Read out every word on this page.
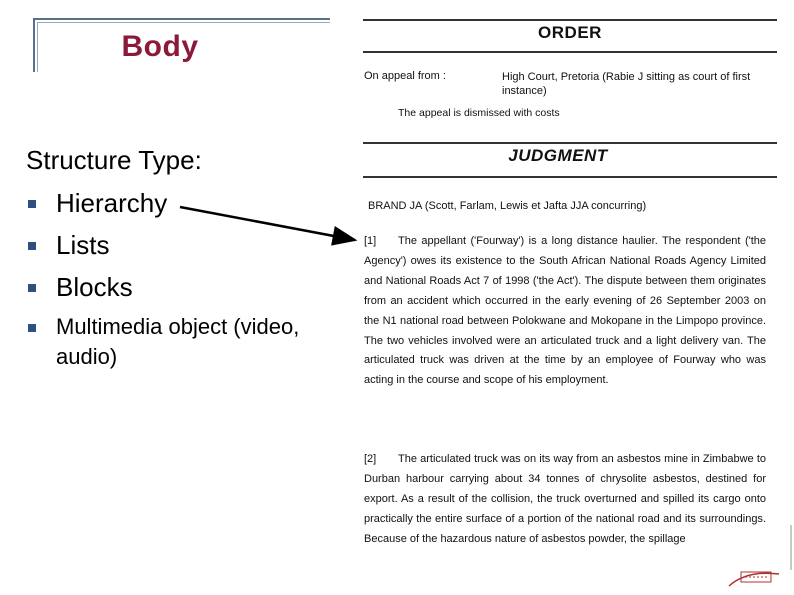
Body
Structure Type:
Hierarchy
Lists
Blocks
Multimedia object (video, audio)
ORDER
On appeal from :	High Court, Pretoria (Rabie J sitting as court of first instance)
The appeal is dismissed with costs
JUDGMENT
BRAND JA (Scott, Farlam, Lewis et Jafta JJA concurring)
[1] The appellant ('Fourway') is a long distance haulier. The respondent ('the Agency') owes its existence to the South African National Roads Agency Limited and National Roads Act 7 of 1998 ('the Act'). The dispute between them originates from an accident which occurred in the early evening of 26 September 2003 on the N1 national road between Polokwane and Mokopane in the Limpopo province. The two vehicles involved were an articulated truck and a light delivery van. The articulated truck was driven at the time by an employee of Fourway who was acting in the course and scope of his employment.
[2] The articulated truck was on its way from an asbestos mine in Zimbabwe to Durban harbour carrying about 34 tonnes of chrysolite asbestos, destined for export. As a result of the collision, the truck overturned and spilled its cargo onto practically the entire surface of a portion of the national road and its surroundings. Because of the hazardous nature of asbestos powder, the spillage
